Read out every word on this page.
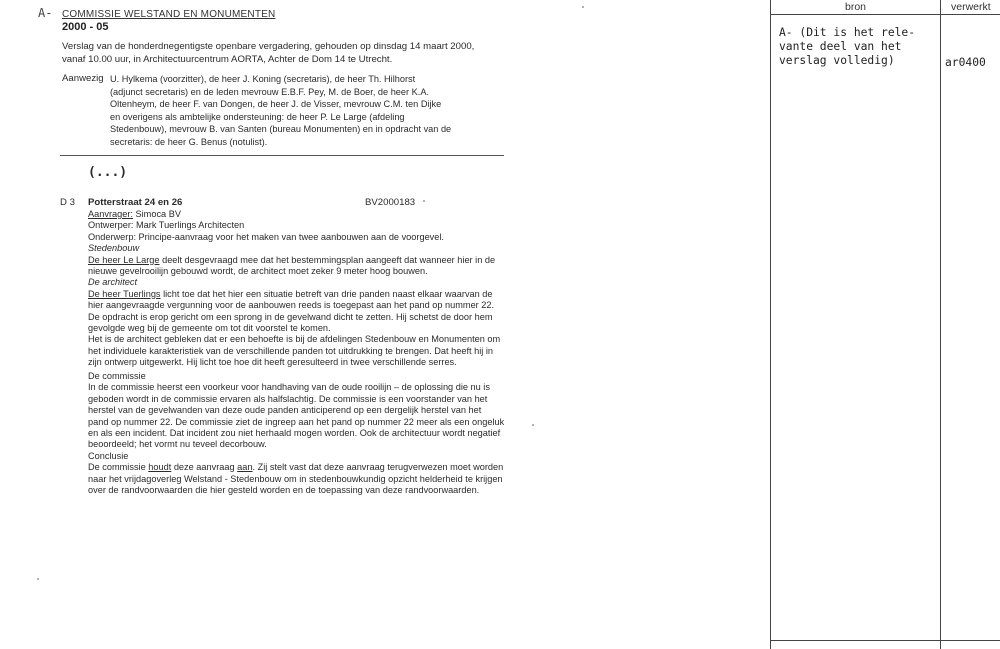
A- COMMISSIE WELSTAND EN MONUMENTEN
2000 - 05
Verslag van de honderdnegentigste openbare vergadering, gehouden op dinsdag 14 maart 2000,
vanaf 10.00 uur, in Architectuurcentrum AORTA, Achter de Dom 14 te Utrecht.
Aanwezig U. Hylkema (voorzitter), de heer J. Koning (secretaris), de heer Th. Hilhorst
(adjunct secretaris) en de leden mevrouw E.B.F. Pey, M. de Boer, de heer K.A.
Oltenheym, de heer F. van Dongen, de heer J. de Visser, mevrouw C.M. ten Dijke
en overigens als ambtelijke ondersteuning: de heer P. Le Large (afdeling
Stedenbouw), mevrouw B. van Santen (bureau Monumenten) en in opdracht van de
secretaris: de heer G. Benus (notulist).
(...)
D 3 Potterstraat 24 en 26	BV2000183
Aanvrager: Simoca BV
Ontwerper: Mark Tuerlings Architecten
Onderwerp: Principe-aanvraag voor het maken van twee aanbouwen aan de voorgevel.
Stedenbouw
De heer Le Large deelt desgevraagd mee dat het bestemmingsplan aangeeft dat wanneer hier in de
nieuwe gevelrooilijn gebouwd wordt, de architect moet zeker 9 meter hoog bouwen.
De architect
De heer Tuerlings licht toe dat het hier een situatie betreft van drie panden naast elkaar waarvan de
hier aangevraagde vergunning voor de aanbouwen reeds is toegepast aan het pand op nummer 22.
De opdracht is erop gericht om een sprong in de gevelwand dicht te zetten. Hij schetst de door hem
gevolgde weg bij de gemeente om tot dit voorstel te komen.
Het is de architect gebleken dat er een behoefte is bij de afdelingen Stedenbouw en Monumenten om
het individuele karakteristiek van de verschillende panden tot uitdrukking te brengen. Dat heeft hij in
zijn ontwerp uitgewerkt. Hij licht toe hoe dit heeft geresulteerd in twee verschillende serres.
De commissie
In de commissie heerst een voorkeur voor handhaving van de oude rooilijn – de oplossing die nu is
geboden wordt in de commissie ervaren als halfslachtig. De commissie is een voorstander van het
herstel van de gevelwanden van deze oude panden anticiperend op een dergelijk herstel van het
pand op nummer 22. De commissie ziet de ingreep aan het pand op nummer 22 meer als een ongeluk
en als een incident. Dat incident zou niet herhaald mogen worden. Ook de architectuur wordt negatief
beoordeeld; het vormt nu teveel decorbouw.
Conclusie
De commissie houdt deze aanvraag aan. Zij stelt vast dat deze aanvraag terugverwezen moet worden
naar het vrijdagoverleg Welstand - Stedenbouw om in stedenbouwkundig opzicht helderheid te krijgen
over de randvoorwaarden die hier gesteld worden en de toepassing van deze randvoorwaarden.
bron	verwerkt
A- (Dit is het rele-
vante deel van het
verslag volledig)	ar0400
